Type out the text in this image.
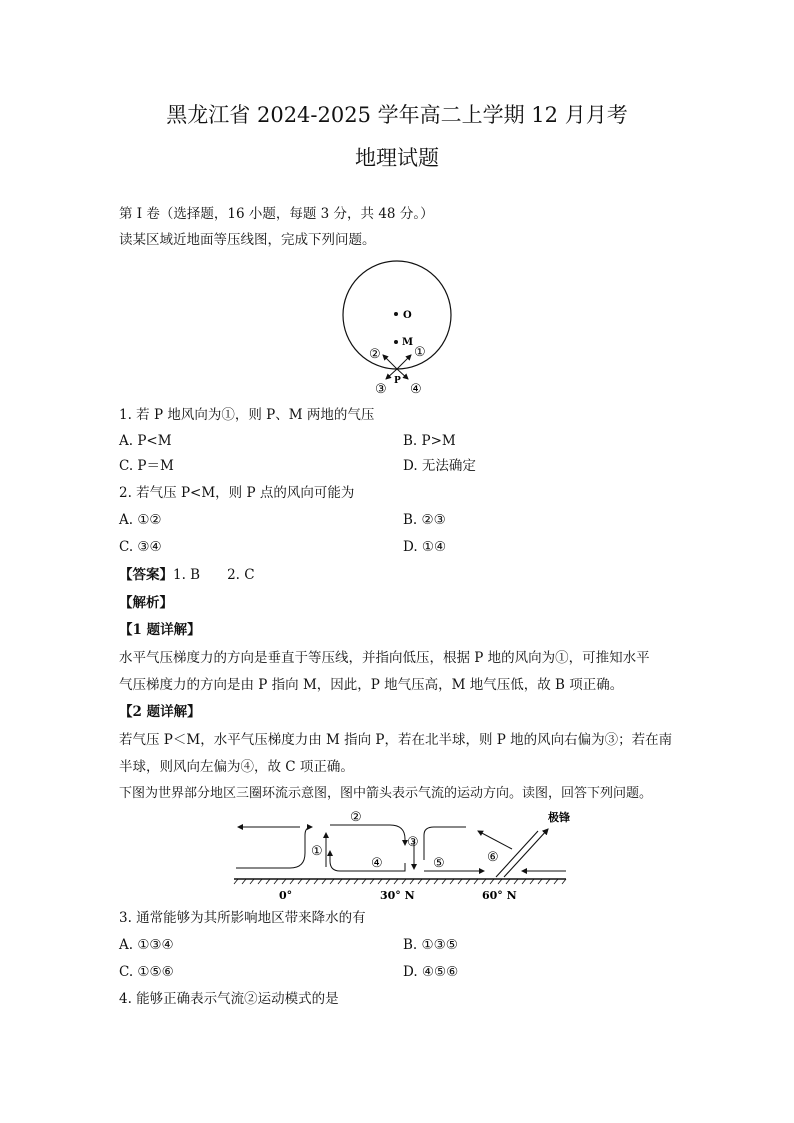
黑龙江省 2024-2025 学年高二上学期 12 月月考
地理试题
第 I 卷（选择题，16 小题，每题 3 分，共 48 分。）
读某区域近地面等压线图，完成下列问题。
O
M
①
②
P
③ ④
1. 若 P 地风向为①，则 P、M 两地的气压
A. P<M	B. P>M
C. P＝M	D. 无法确定
2. 若气压 P<M，则 P 点的风向可能为
A. ①②	B. ②③
C. ③④	D. ①④
【答案】1. B　　2. C
【解析】
【1 题详解】
水平气压梯度力的方向是垂直于等压线，并指向低压，根据 P 地的风向为①，可推知水平
气压梯度力的方向是由 P 指向 M，因此，P 地气压高，M 地气压低，故 B 项正确。
【2 题详解】
若气压 P＜M，水平气压梯度力由 M 指向 P，若在北半球，则 P 地的风向右偏为③；若在南
半球，则风向左偏为④，故 C 项正确。
下图为世界部分地区三圈环流示意图，图中箭头表示气流的运动方向。读图，回答下列问题。
极锋
①
②
③
④	⑤	⑥
0°	30° N	60° N
3. 通常能够为其所影响地区带来降水的有
A. ①③④	B. ①③⑤
C. ①⑤⑥	D. ④⑤⑥
4. 能够正确表示气流②运动模式的是
